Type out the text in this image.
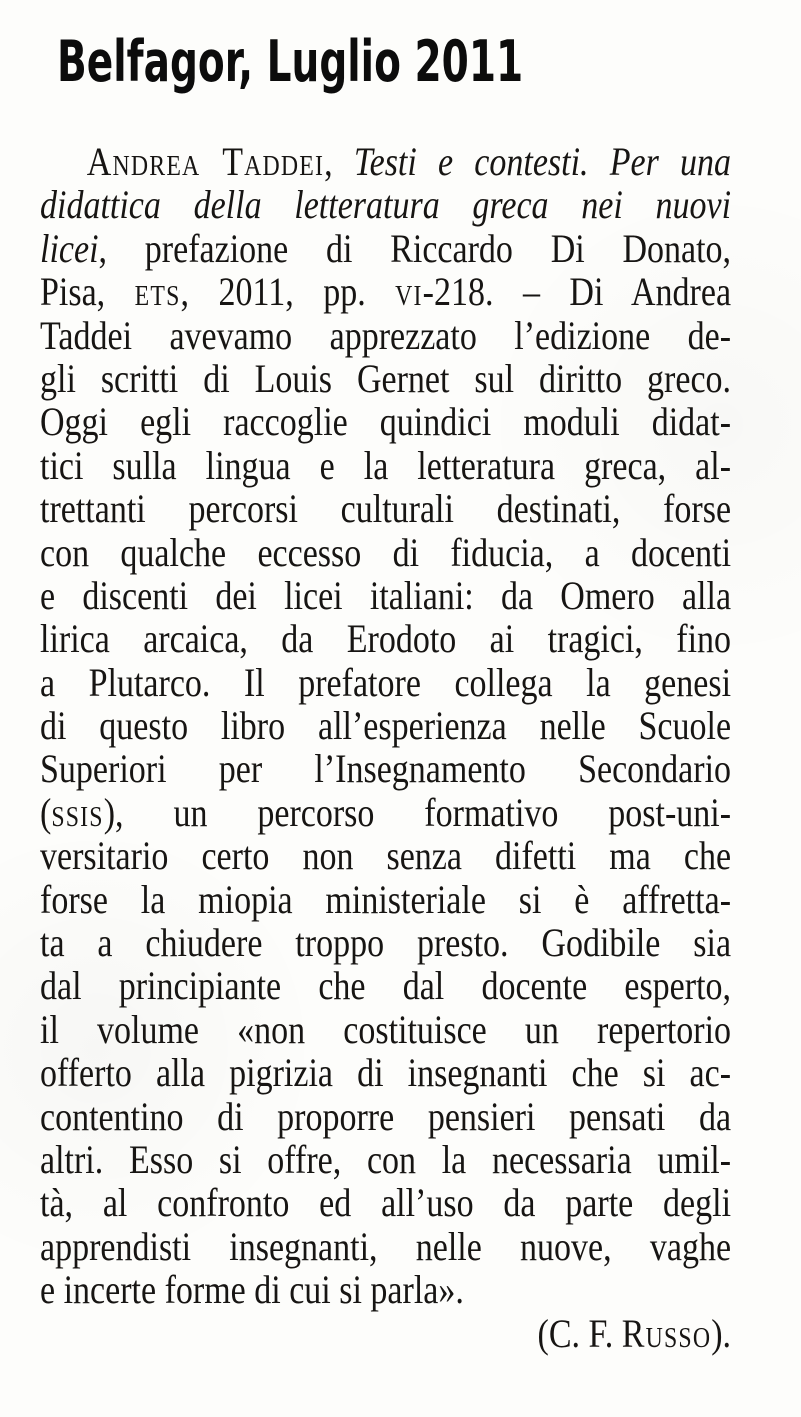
Belfagor, Luglio 2011
Andrea Taddei, Testi e contesti. Per una
didattica della letteratura greca nei nuovi
licei, prefazione di Riccardo Di Donato,
Pisa, ets, 2011, pp. vi-218. – Di Andrea
Taddei avevamo apprezzato l’edizione de-
gli scritti di Louis Gernet sul diritto greco.
Oggi egli raccoglie quindici moduli didat-
tici sulla lingua e la letteratura greca, al-
trettanti percorsi culturali destinati, forse
con qualche eccesso di fiducia, a docenti
e discenti dei licei italiani: da Omero alla
lirica arcaica, da Erodoto ai tragici, fino
a Plutarco. Il prefatore collega la genesi
di questo libro all’esperienza nelle Scuole
Superiori per l’Insegnamento Secondario
(ssis), un percorso formativo post-uni-
versitario certo non senza difetti ma che
forse la miopia ministeriale si è affretta-
ta a chiudere troppo presto. Godibile sia
dal principiante che dal docente esperto,
il volume «non costituisce un repertorio
offerto alla pigrizia di insegnanti che si ac-
contentino di proporre pensieri pensati da
altri. Esso si offre, con la necessaria umil-
tà, al confronto ed all’uso da parte degli
apprendisti insegnanti, nelle nuove, vaghe
e incerte forme di cui si parla».
(C. F. Russo).
